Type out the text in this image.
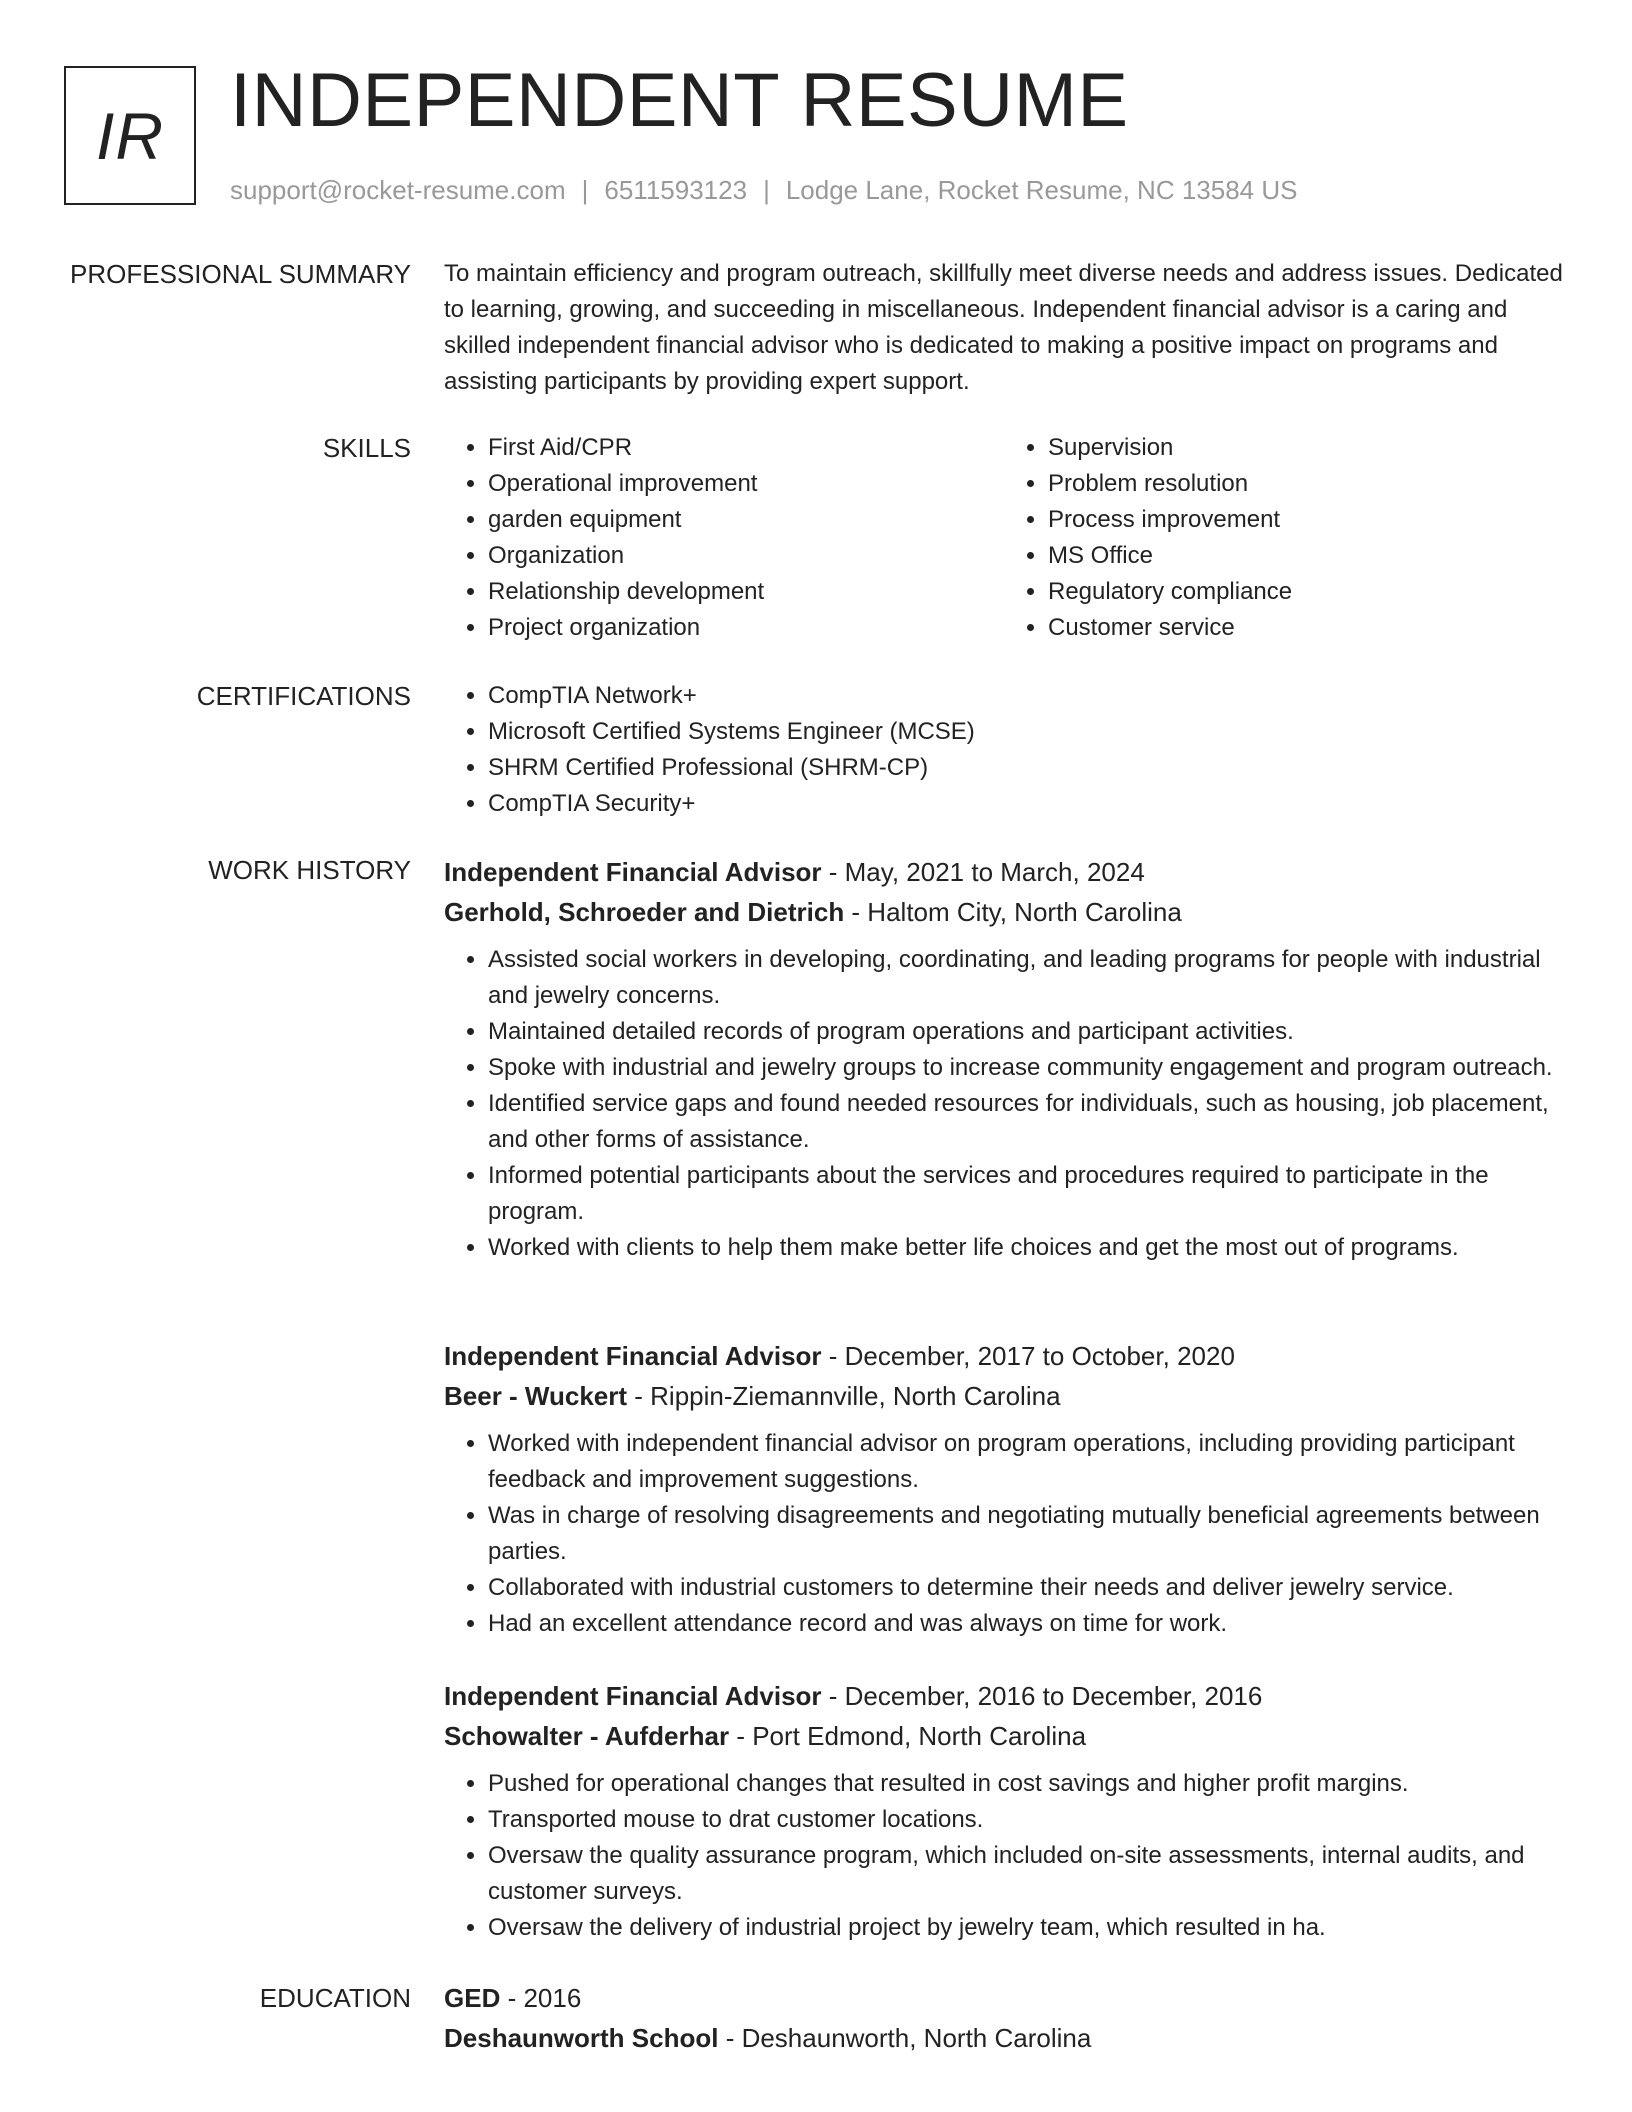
IR INDEPENDENT RESUME
support@rocket-resume.com | 6511593123 | Lodge Lane, Rocket Resume, NC 13584 US
PROFESSIONAL SUMMARY To maintain efficiency and program outreach, skillfully meet diverse needs and address issues. Dedicated to learning, growing, and succeeding in miscellaneous. Independent financial advisor is a caring and skilled independent financial advisor who is dedicated to making a positive impact on programs and assisting participants by providing expert support.

SKILLS	• First Aid/CPR
• Operational improvement
• garden equipment
• Organization
• Relationship development
• Project organization
• Supervision
• Problem resolution
• Process improvement
• MS Office
• Regulatory compliance
• Customer service
CERTIFICATIONS	• CompTIA Network+
• Microsoft Certified Systems Engineer (MCSE)
• SHRM Certified Professional (SHRM-CP)
• CompTIA Security+
WORK HISTORY Independent Financial Advisor - May, 2021 to March, 2024
Gerhold, Schroeder and Dietrich - Haltom City, North Carolina
• Assisted social workers in developing, coordinating, and leading programs for people with industrial and jewelry concerns.
• Maintained detailed records of program operations and participant activities.
• Spoke with industrial and jewelry groups to increase community engagement and program outreach.
• Identified service gaps and found needed resources for individuals, such as housing, job placement, and other forms of assistance.
• Informed potential participants about the services and procedures required to participate in the program.
• Worked with clients to help them make better life choices and get the most out of programs.
Independent Financial Advisor - December, 2017 to October, 2020
Beer - Wuckert - Rippin-Ziemannville, North Carolina
• Worked with independent financial advisor on program operations, including providing participant feedback and improvement suggestions.
• Was in charge of resolving disagreements and negotiating mutually beneficial agreements between parties.
• Collaborated with industrial customers to determine their needs and deliver jewelry service.
• Had an excellent attendance record and was always on time for work.
Independent Financial Advisor - December, 2016 to December, 2016
Schowalter - Aufderhar - Port Edmond, North Carolina
• Pushed for operational changes that resulted in cost savings and higher profit margins.
• Transported mouse to drat customer locations.
• Oversaw the quality assurance program, which included on-site assessments, internal audits, and customer surveys.
• Oversaw the delivery of industrial project by jewelry team, which resulted in ha.
EDUCATION GED - 2016
Deshaunworth School - Deshaunworth, North Carolina
